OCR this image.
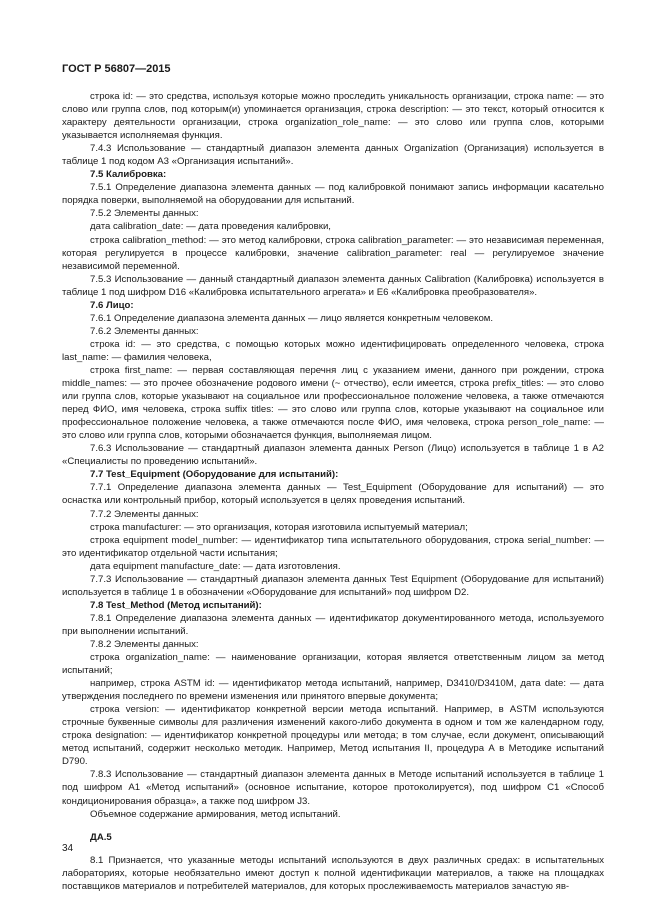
ГОСТ Р 56807—2015
строка id: — это средства, используя которые можно проследить уникальность организации, строка name: — это слово или группа слов, под которым(и) упоминается организация, строка description: — это текст, который относится к характеру деятельности организации, строка organization_role_name: — это слово или группа слов, которыми указывается исполняемая функция.
7.4.3 Использование — стандартный диапазон элемента данных Organization (Организация) используется в таблице 1 под кодом А3 «Организация испытаний».
7.5 Калибровка:
7.5.1 Определение диапазона элемента данных — под калибровкой понимают запись информации касательно порядка поверки, выполняемой на оборудовании для испытаний.
7.5.2 Элементы данных:
дата calibration_date: — дата проведения калибровки,
строка calibration_method: — это метод калибровки, строка calibration_parameter: — это независимая переменная, которая регулируется в процессе калибровки, значение calibration_parameter: real — регулируемое значение независимой переменной.
7.5.3 Использование — данный стандартный диапазон элемента данных Calibration (Калибровка) используется в таблице 1 под шифром D16 «Калибровка испытательного агрегата» и Е6 «Калибровка преобразователя».
7.6 Лицо:
7.6.1 Определение диапазона элемента данных — лицо является конкретным человеком.
7.6.2 Элементы данных:
строка id: — это средства, с помощью которых можно идентифицировать определенного человека, строка last_name: — фамилия человека,
строка first_name: — первая составляющая перечня лиц с указанием имени, данного при рождении, строка middle_names: — это прочее обозначение родового имени (~ отчество), если имеется, строка prefix_titles: — это слово или группа слов, которые указывают на социальное или профессиональное положение человека, а также отмечаются перед ФИО, имя человека, строка suffix titles: — это слово или группа слов, которые указывают на социальное или профессиональное положение человека, а также отмечаются после ФИО, имя человека, строка person_role_name: — это слово или группа слов, которыми обозначается функция, выполняемая лицом.
7.6.3 Использование — стандартный диапазон элемента данных Person (Лицо) используется в таблице 1 в А2 «Специалисты по проведению испытаний».
7.7 Test_Equipment (Оборудование для испытаний):
7.7.1 Определение диапазона элемента данных — Test_Equipment (Оборудование для испытаний) — это оснастка или контрольный прибор, который используется в целях проведения испытаний.
7.7.2 Элементы данных:
строка manufacturer: — это организация, которая изготовила испытуемый материал;
строка equipment model_number: — идентификатор типа испытательного оборудования, строка serial_number: — это идентификатор отдельной части испытания;
дата equipment manufacture_date: — дата изготовления.
7.7.3 Использование — стандартный диапазон элемента данных Test Equipment (Оборудование для испытаний) используется в таблице 1 в обозначении «Оборудование для испытаний» под шифром D2.
7.8 Test_Method (Метод испытаний):
7.8.1 Определение диапазона элемента данных — идентификатор документированного метода, используемого при выполнении испытаний.
7.8.2 Элементы данных:
строка organization_name: — наименование организации, которая является ответственным лицом за метод испытаний;
например, строка ASTM id: — идентификатор метода испытаний, например, D3410/D3410M, дата date: — дата утверждения последнего по времени изменения или принятого впервые документа;
строка version: — идентификатор конкретной версии метода испытаний. Например, в ASTM используются строчные буквенные символы для различения изменений какого-либо документа в одном и том же календарном году, строка designation: — идентификатор конкретной процедуры или метода; в том случае, если документ, описывающий метод испытаний, содержит несколько методик. Например, Метод испытания II, процедура А в Методике испытаний D790.
7.8.3 Использование — стандартный диапазон элемента данных в Методе испытаний используется в таблице 1 под шифром А1 «Метод испытаний» (основное испытание, которое протоколируется), под шифром С1 «Способ кондиционирования образца», а также под шифром J3.
Объемное содержание армирования, метод испытаний.
ДА.5
8.1 Признается, что указанные методы испытаний используются в двух различных средах: в испытательных лабораториях, которые необязательно имеют доступ к полной идентификации материалов, а также на площадках поставщиков материалов и потребителей материалов, для которых прослеживаемость материалов зачастую яв-
34
